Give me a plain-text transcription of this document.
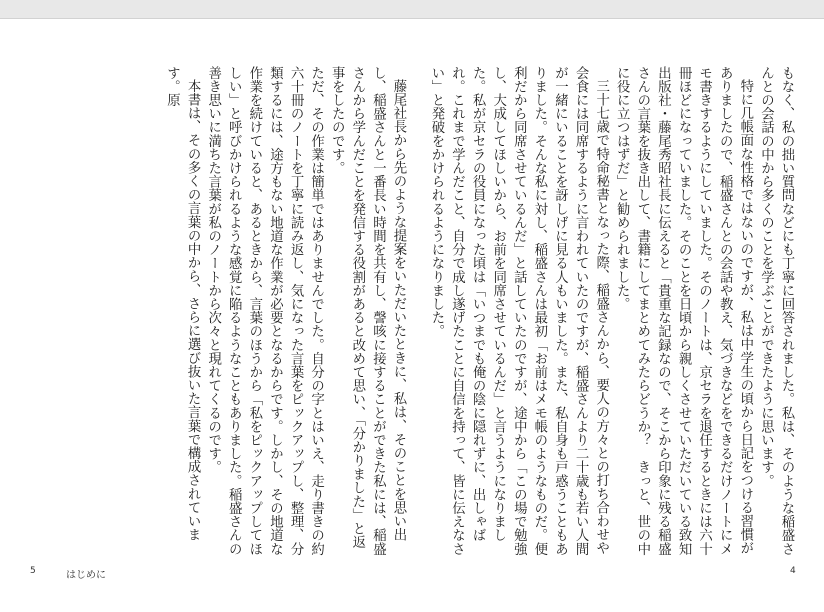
もなく、私の拙い質問などにも丁寧に回答されました。私は、そのような稲盛さんとの会話の中から多くのことを学ぶことができたように思います。

特に几帳面な性格ではないのですが、私は中学生の頃から日記をつける習慣がありましたので、稲盛さんとの会話や教え、気づきなどをできるだけノートにメモ書きするようにしていました。そのノートは、京セラを退任するときには六十冊ほどになっていました。そのことを日頃から親しくさせていただいている致知出版社・藤尾秀昭社長に伝えると「貴重な記録なので、そこから印象に残る稲盛さんの言葉を抜き出して、書籍にしてまとめてみたらどうか？　きっと、世の中に役に立つはずだ」と勧められました。

三十七歳で特命秘書となった際、稲盛さんから、要人の方々との打ち合わせや会食には同席するように言われていたのですが、稲盛さんより二十歳も若い人間が一緒にいることを訝しげに見る人もいました。また、私自身も戸惑うこともありました。そんな私に対し、稲盛さんは最初「お前はメモ帳のようなものだ。便利だから同席させているんだ」と話していたのですが、途中から「この場で勉強し、大成してほしいから、お前を同席させているんだ」と言うようになりました。私が京セラの役員になった頃は「いつまでも俺の陰に隠れずに、出しゃばれ。これまで学んだこと、自分で成し遂げたことに自信を持って、皆に伝えなさい」と発破をかけられるようになりました。

藤尾社長から先のような提案をいただいたときに、私は、そのことを思い出し、稲盛さんと一番長い時間を共有し、謦咳に接することができた私には、稲盛さんから学んだことを発信する役割があると改めて思い、「分かりました」と返事をしたのです。

ただ、その作業は簡単ではありませんでした。自分の字とはいえ、走り書きの約六十冊のノートを丁寧に読み返し、気になった言葉をピックアップし、整理、分類するには、途方もない地道な作業が必要となるからです。しかし、その地道な作業を続けていると、あるときから、言葉のほうから「私をピックアップしてほしい」と呼びかけられるような感覚に陥るようなこともありました。稲盛さんの善き思いに満ちた言葉が私のノートから次々と現れてくるのです。

本書は、その多くの言葉の中から、さらに選び抜いた言葉で構成されています。原

5	はじめに	4
